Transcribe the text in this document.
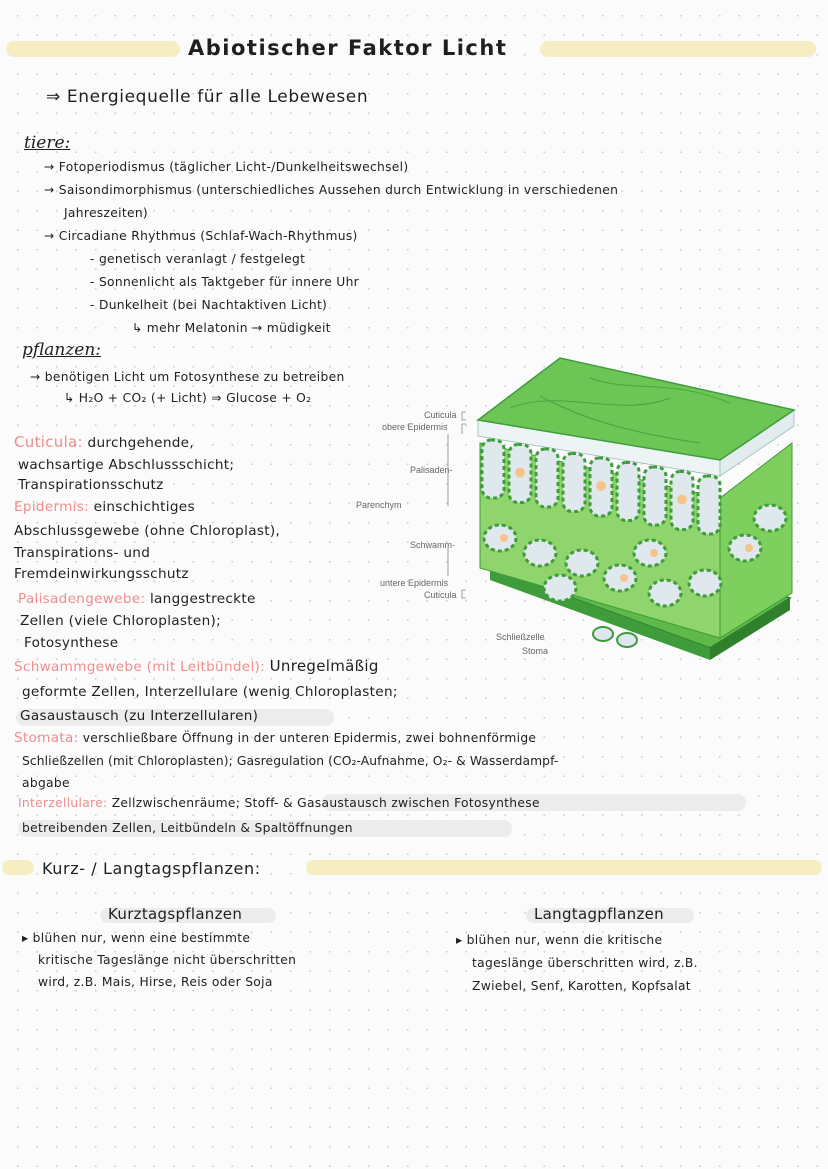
Abiotischer Faktor Licht
⇒ Energiequelle für alle Lebewesen
tiere:
→ Fotoperiodismus (täglicher Licht-/Dunkelheitswechsel)
→ Saisondimorphismus (unterschiedliches Aussehen durch Entwicklung in verschiedenen
Jahreszeiten)
→ Circadiane Rhythmus (Schlaf-Wach-Rhythmus)
- genetisch veranlagt / festgelegt
- Sonnenlicht als Taktgeber für innere Uhr
- Dunkelheit (bei Nachtaktiven Licht)
↳ mehr Melatonin → müdigkeit
pflanzen:
→ benötigen Licht um Fotosynthese zu betreiben
↳ H₂O + CO₂ (+ Licht) ⇒ Glucose + O₂
Cuticula: durchgehende,
wachsartige Abschlussschicht;
Transpirationsschutz
Epidermis: einschichtiges
Abschlussgewebe (ohne Chloroplast),
Transpirations- und
Fremdeinwirkungsschutz
Palisadengewebe: langgestreckte
Zellen (viele Chloroplasten);
Fotosynthese
Schwammgewebe (mit Leitbündel): Unregelmäßig
geformte Zellen, Interzellulare (wenig Chloroplasten;
Gasaustausch (zu Interzellularen)
Stomata: verschließbare Öffnung in der unteren Epidermis, zwei bohnenförmige
Schließzellen (mit Chloroplasten); Gasregulation (CO₂-Aufnahme, O₂- & Wasserdampf-
abgabe
Interzellulare: Zellzwischenräume; Stoff- & Gasaustausch zwischen Fotosynthese
betreibenden Zellen, Leitbündeln & Spaltöffnungen
Cuticula
obere Epidermis
Palisaden-
Parenchym
Schwamm-
untere Epidermis
Cuticula
Schließzelle
Stoma
Kurz- / Langtagspflanzen:
Kurztagspflanzen
▸ blühen nur, wenn eine bestimmte
kritische Tageslänge nicht überschritten
wird, z.B. Mais, Hirse, Reis oder Soja
Langtagpflanzen
▸ blühen nur, wenn die kritische
tageslänge überschritten wird, z.B.
Zwiebel, Senf, Karotten, Kopfsalat
